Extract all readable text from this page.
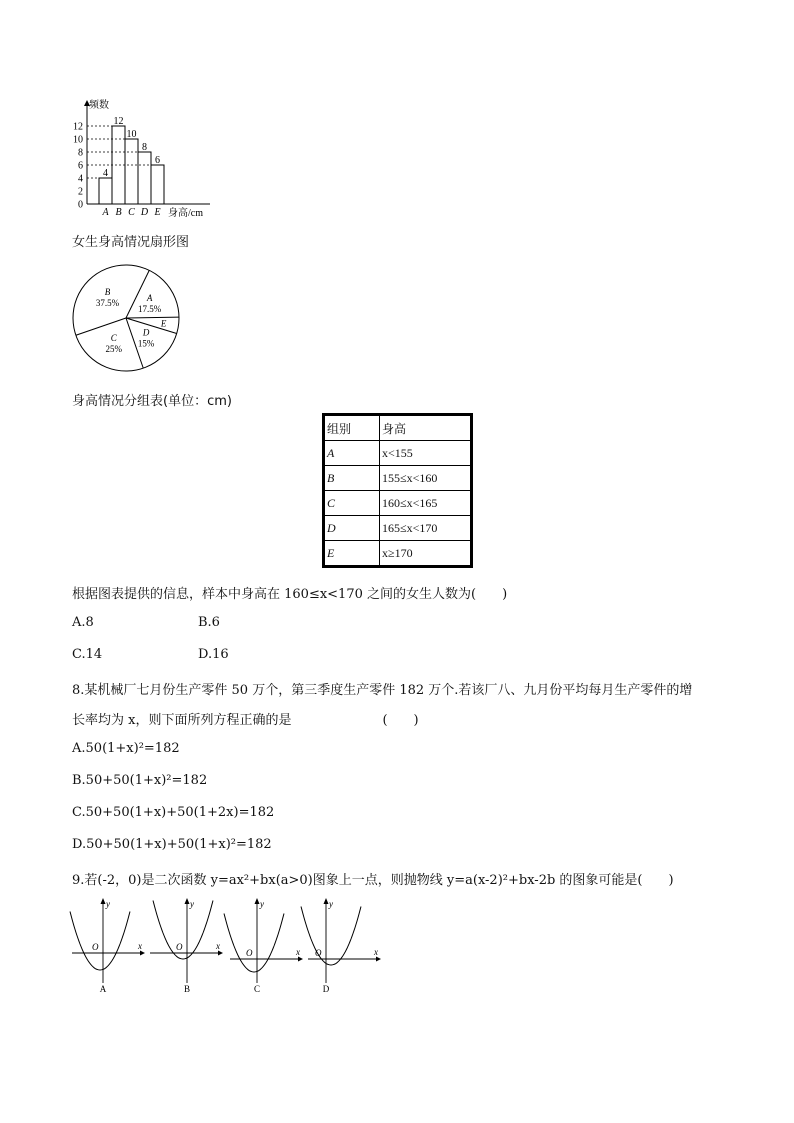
频数
身高/cm
0
2
4
6
8
10
12
4
A
12
B
10
C
8
D
6
E
女生身高情况扇形图
A
17.5%
E
D
15%
C
25%
B
37.5%
身高情况分组表(单位：cm)
组别	身高
A	x<155
B	155≤x<160
C	160≤x<165
D	165≤x<170
E	x≥170
根据图表提供的信息，样本中身高在 160≤x<170 之间的女生人数为(　　)
A.8	B.6
C.14	D.16
8.某机械厂七月份生产零件 50 万个，第三季度生产零件 182 万个.若该厂八、九月份平均每月生产零件的增
长率均为 x，则下面所列方程正确的是　　　　　　　(　　)
A.50(1+x)²=182
B.50+50(1+x)²=182
C.50+50(1+x)+50(1+2x)=182
D.50+50(1+x)+50(1+x)²=182
9.若(-2，0)是二次函数 y=ax²+bx(a>0)图象上一点，则抛物线 y=a(x-2)²+bx-2b 的图象可能是(　　)
y
x
O
A
y
x
O
B
y
x
O
C
y
x
O
D
